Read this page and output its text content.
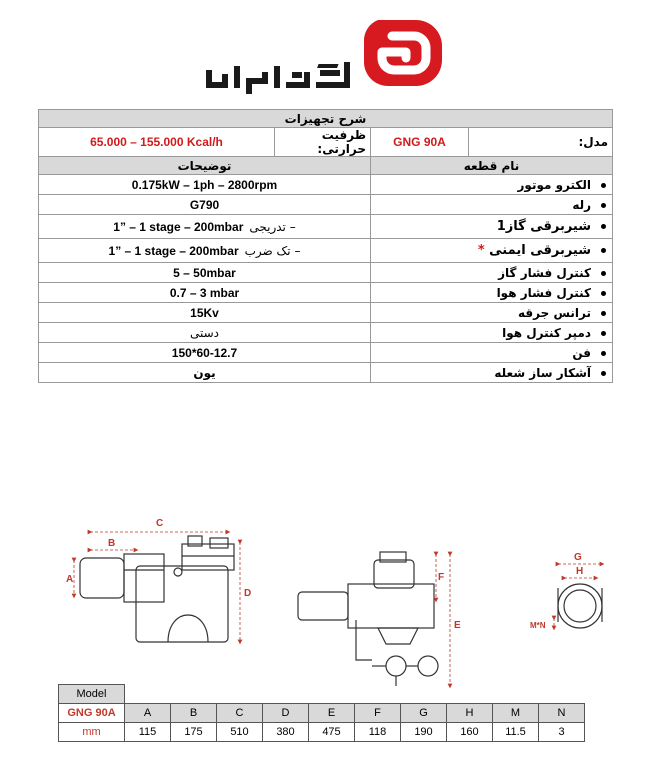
شرح تجهیزات			
65.000 – 155.000 Kcal/h	ظرفیت حرارتی:	GNG 90A	مدل:
توضیحات		نام قطعه	
0.175kW – 1ph – 2800rpm		الکترو موتور	
G790		رله	

1” – 1 stage – 200mbar تدریجی –		شیربرقی گاز1	

1” – 1 stage – 200mbar تک ضرب –		شیربرقی ایمنی *	
5 – 50mbar		کنترل فشار گاز	
0.7 – 3 mbar		کنترل فشار هوا	
15Kv		ترانس جرقه	
دستی		دمپر کنترل هوا	
150*60-12.7		فن	
یون		آشکار ساز شعله	
C
B
A
D
E
F
G
H
M*N
Model										
GNG 90A	A	B	C	D	E	F	G	H	M	N
mm	115	175	510	380	475	118	190	160	11.5	3
